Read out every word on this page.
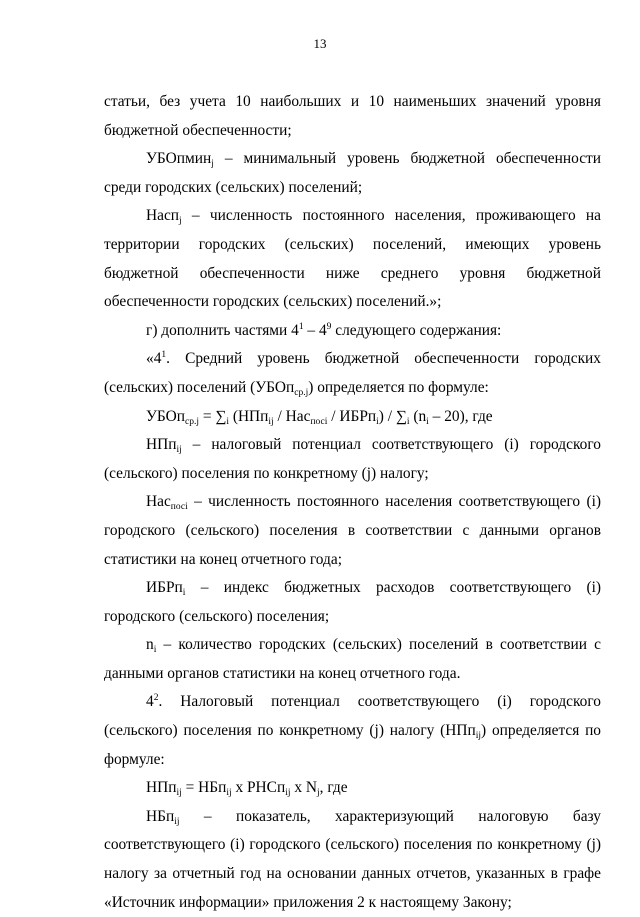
13

статьи, без учета 10 наибольших и 10 наименьших значений уровня бюджетной обеспеченности;

УБОпмин$_j$ – минимальный уровень бюджетной обеспеченности среди городских (сельских) поселений;

Насп$_j$ – численность постоянного населения, проживающего на территории городских (сельских) поселений, имеющих уровень бюджетной обеспеченности ниже среднего уровня бюджетной обеспеченности городских (сельских) поселений.»;

г) дополнить частями $4^1 - 4^9$ следующего содержания:

«$4^1$. Средний уровень бюджетной обеспеченности городских (сельских) поселений (УБОп$_{ср.j}$) определяется по формуле:

УБОп$_{ср.j}$ = $\sum_i$ (НПп$_{ij}$ / Нас$_{посi}$ / ИБРп$_i$) / $\sum_i$ $(n_i - 20)$, где

НПп$_{ij}$ – налоговый потенциал соответствующего (i) городского (сельского) поселения по конкретному (j) налогу;

Нас$_{посi}$ – численность постоянного населения соответствующего (i) городского (сельского) поселения в соответствии с данными органов статистики на конец отчетного года;

ИБРп$_i$ – индекс бюджетных расходов соответствующего (i) городского (сельского) поселения;

$n_i$ – количество городских (сельских) поселений в соответствии с данными органов статистики на конец отчетного года.

$4^2$. Налоговый потенциал соответствующего (i) городского (сельского) поселения по конкретному (j) налогу (НПп$_{ij}$) определяется по формуле:

НПп$_{ij}$ = НБп$_{ij}$ х РНСп$_{ij}$ х $N_j$, где

НБп$_{ij}$ – показатель, характеризующий налоговую базу соответствующего (i) городского (сельского) поселения по конкретному (j) налогу за отчетный год на основании данных отчетов, указанных в графе «Источник информации» приложения 2 к настоящему Закону;
